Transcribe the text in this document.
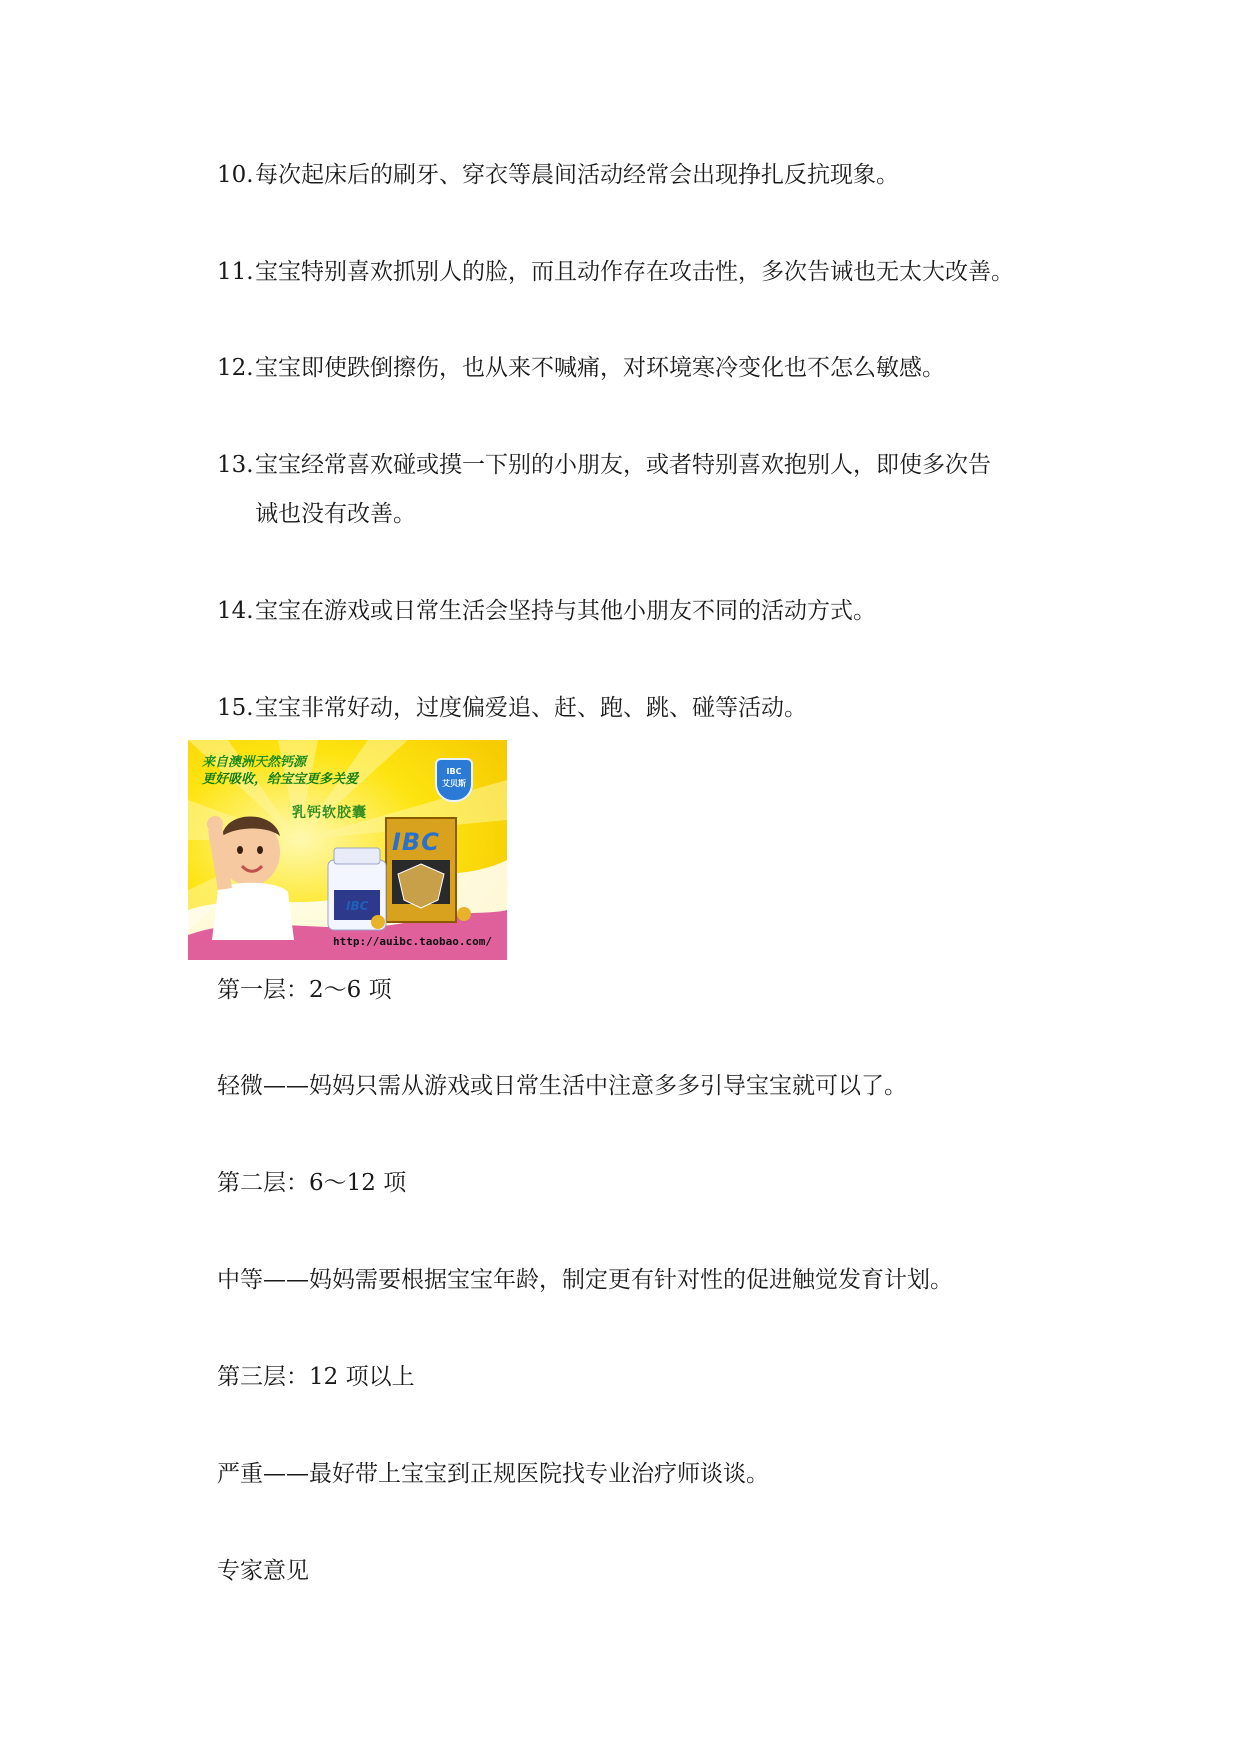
10.每次起床后的刷牙、穿衣等晨间活动经常会出现挣扎反抗现象。
11.宝宝特别喜欢抓别人的脸，而且动作存在攻击性，多次告诫也无太大改善。
12.宝宝即使跌倒擦伤，也从来不喊痛，对环境寒冷变化也不怎么敏感。
13.宝宝经常喜欢碰或摸一下别的小朋友，或者特别喜欢抱别人，即使多次告
诫也没有改善。
14.宝宝在游戏或日常生活会坚持与其他小朋友不同的活动方式。
15.宝宝非常好动，过度偏爱追、赶、跑、跳、碰等活动。
来自澳洲天然钙源
更好吸收，给宝宝更多关爱
乳钙软胶囊
IBC
艾贝斯
IBC
IBC
http://auibc.taobao.com/
第一层：2～6 项
轻微——妈妈只需从游戏或日常生活中注意多多引导宝宝就可以了。
第二层：6～12 项
中等——妈妈需要根据宝宝年龄，制定更有针对性的促进触觉发育计划。
第三层：12 项以上
严重——最好带上宝宝到正规医院找专业治疗师谈谈。
专家意见
